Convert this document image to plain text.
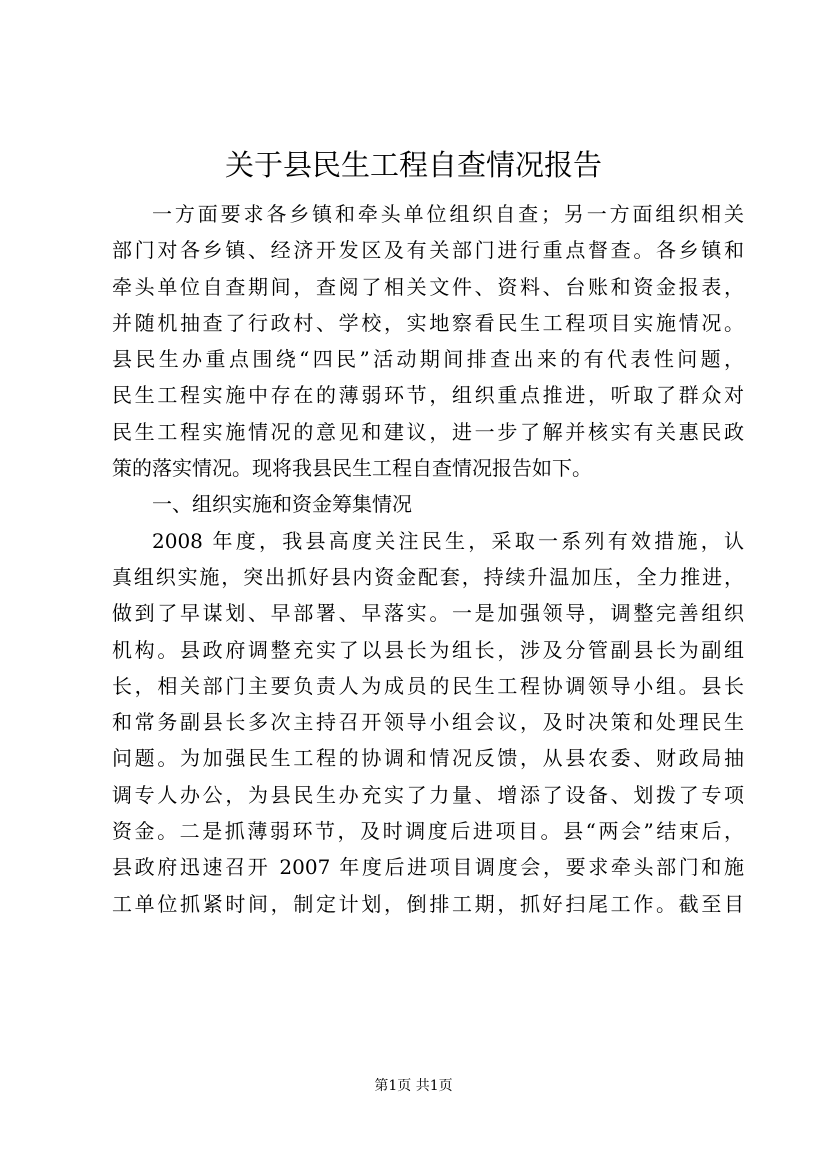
关于县民生工程自查情况报告
一方面要求各乡镇和牵头单位组织自查；另一方面组织相关
部门对各乡镇、经济开发区及有关部门进行重点督查。各乡镇和
牵头单位自查期间，查阅了相关文件、资料、台账和资金报表，
并随机抽查了行政村、学校，实地察看民生工程项目实施情况。
县民生办重点围绕“四民”活动期间排查出来的有代表性问题，
民生工程实施中存在的薄弱环节，组织重点推进，听取了群众对
民生工程实施情况的意见和建议，进一步了解并核实有关惠民政
策的落实情况。现将我县民生工程自查情况报告如下。
一、组织实施和资金筹集情况
2008 年度，我县高度关注民生，采取一系列有效措施，认
真组织实施，突出抓好县内资金配套，持续升温加压，全力推进，
做到了早谋划、早部署、早落实。一是加强领导，调整完善组织
机构。县政府调整充实了以县长为组长，涉及分管副县长为副组
长，相关部门主要负责人为成员的民生工程协调领导小组。县长
和常务副县长多次主持召开领导小组会议，及时决策和处理民生
问题。为加强民生工程的协调和情况反馈，从县农委、财政局抽
调专人办公，为县民生办充实了力量、增添了设备、划拨了专项
资金。二是抓薄弱环节，及时调度后进项目。县“两会”结束后，
县政府迅速召开 2007 年度后进项目调度会，要求牵头部门和施
工单位抓紧时间，制定计划，倒排工期，抓好扫尾工作。截至目
第1页 共1页
